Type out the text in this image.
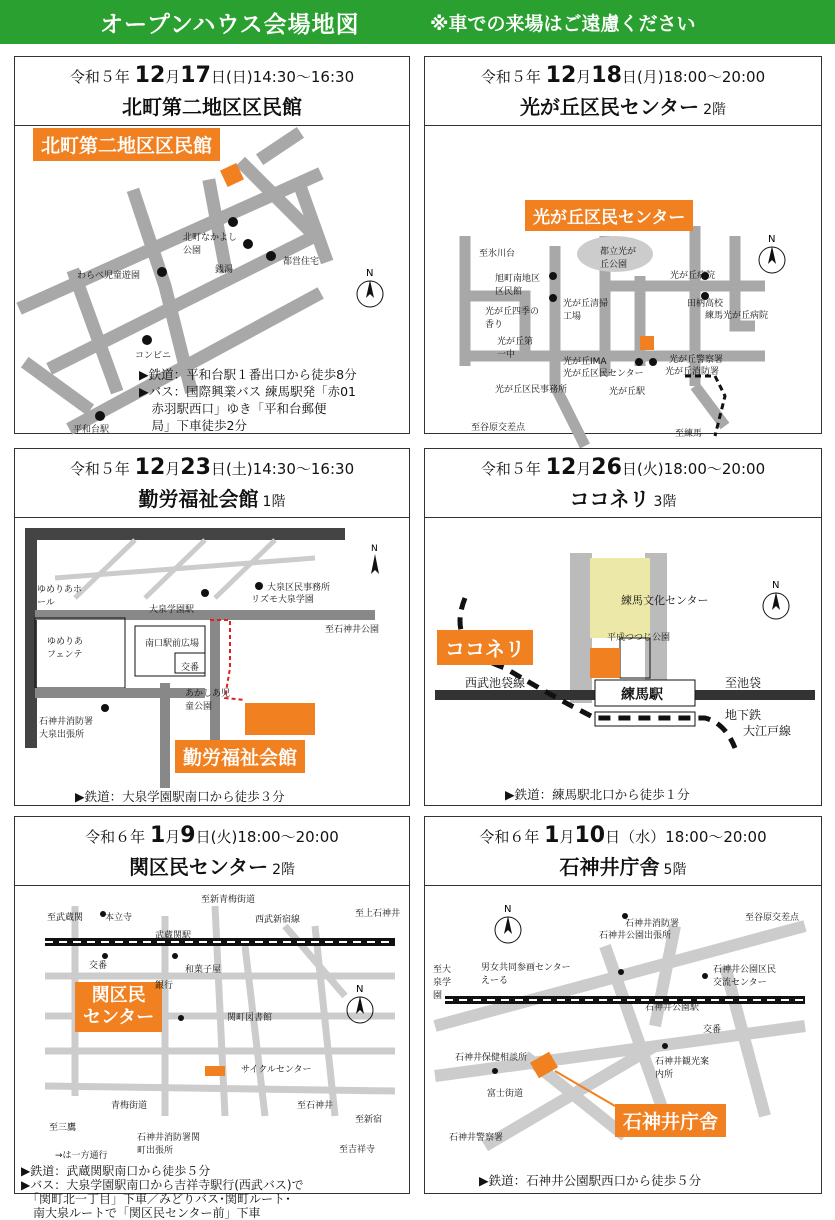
オープンハウス会場地図	※車での来場はご遠慮ください
令和５年 12月17日(日)14:30〜16:30
北町第二地区区民館
北町第二地区区民館
北町なかよし公園
わらべ児童遊園
銭湯
都営住宅
コンビニ
平和台駅
N
▶鉄道：平和台駅１番出口から徒歩8分
▶バス：国際興業バス 練馬駅発「赤01
　赤羽駅西口」ゆき「平和台郵便
　局」下車徒歩2分
令和５年 12月18日(月)18:00〜20:00
光が丘区民センター 2階
光が丘区民センター
至氷川台	都立光が丘公園
旭町南地区区民館
光が丘清掃工場
光が丘四季の香り
光が丘第一中
光が丘IMA
光が丘区民センター 光が丘消防署
光が丘警察署
光が丘区民事務所	光が丘駅
光が丘病院
田柄高校
練馬光が丘病院
至谷原交差点
至練馬
N
令和５年 12月23日(土)14:30〜16:30
勤労福祉会館 1階
勤労福祉会館
ゆめりあホール
ゆめりあフェンテ
大泉区民事務所
リズモ大泉学園
大泉学園駅
南口駅前広場
至石神井公園
交番
石神井消防署大泉出張所
あかしあ児童公園
N
▶鉄道：大泉学園駅南口から徒歩３分
令和５年 12月26日(火)18:00〜20:00
ココネリ 3階
ココネリ
練馬文化センター
平成つつじ公園
西武池袋線
練馬駅
至池袋
地下鉄
大江戸線
N
▶鉄道：練馬駅北口から徒歩１分
令和６年 1月9日(火)18:00〜20:00
関区民センター 2階
関区民
センター
至新青梅街道
本立寺	西武新宿線
武蔵関駅
交番	和菓子屋
銀行
関町図書館
サイクルセンター
青梅街道
石神井消防署関町出張所
至三鷹
至吉祥寺
至石神井
至新宿
至上石神井
至武蔵関
→は一方通行
N
▶鉄道：武蔵関駅南口から徒歩５分
▶バス：大泉学園駅南口から吉祥寺駅行(西武バス)で
　「関町北一丁目」下車／みどりバス･関町ルート･
　南大泉ルートで「関区民センター前」下車
令和６年 1月10日（水）18:00〜20:00
石神井庁舎 5階
石神井庁舎
石神井消防署
石神井公園出張所
至谷原交差点
男女共同参画センターえーる
石神井公園区民交流センター
至大泉学園
石神井公園駅
交番
石神井保健相談所
富士街道
石神井観光案内所
石神井警察署
N
▶鉄道：石神井公園駅西口から徒歩５分
